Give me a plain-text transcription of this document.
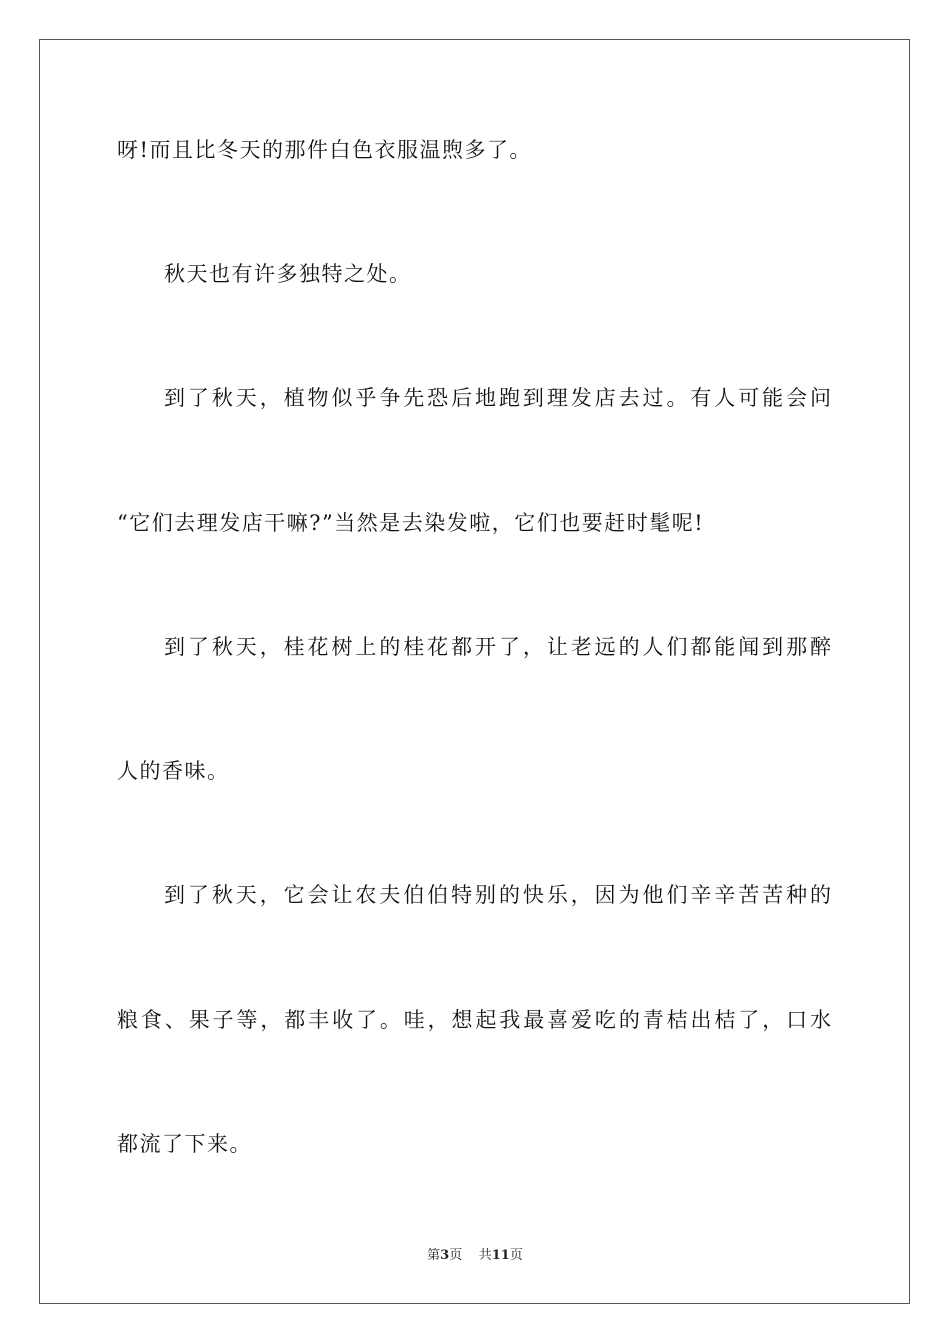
呀!而且比冬天的那件白色衣服温煦多了。
秋天也有许多独特之处。
到了秋天，植物似乎争先恐后地跑到理发店去过。有人可能会问
“它们去理发店干嘛?”当然是去染发啦，它们也要赶时髦呢!
到了秋天，桂花树上的桂花都开了，让老远的人们都能闻到那醉
人的香味。
到了秋天，它会让农夫伯伯特别的快乐，因为他们辛辛苦苦种的
粮食、果子等，都丰收了。哇，想起我最喜爱吃的青桔出桔了，口水
都流了下来。
第3页 共11页
